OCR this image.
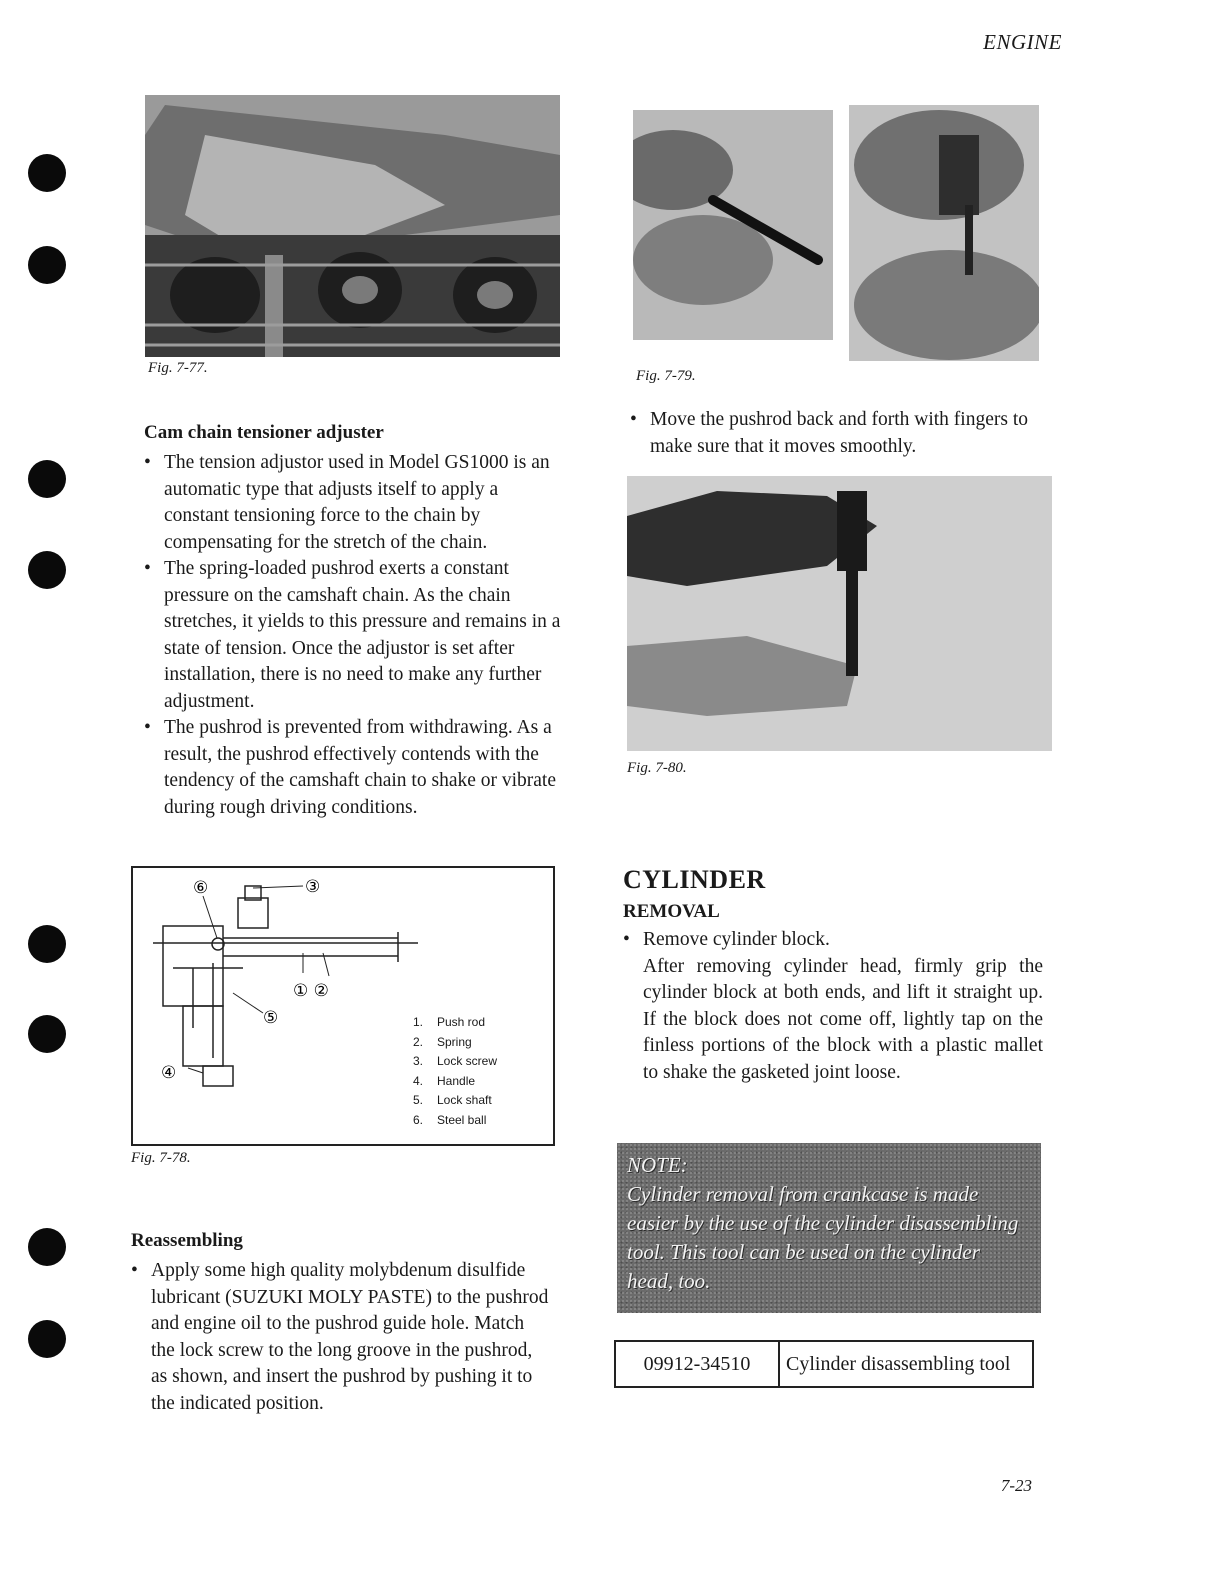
ENGINE
Fig. 7-77.
Cam chain tensioner adjuster
• The tension adjustor used in Model GS1000 is an automatic type that adjusts itself to apply a constant tensioning force to the chain by compensating for the stretch of the chain.
• The spring-loaded pushrod exerts a constant pressure on the camshaft chain. As the chain stretches, it yields to this pressure and remains in a state of tension. Once the adjustor is set after installation, there is no need to make any further adjustment.
• The pushrod is prevented from withdrawing. As a result, the pushrod effectively contends with the tendency of the camshaft chain to shake or vibrate during rough driving conditions.
⑥	③
① ②
⑤
④
1. Push rod
2. Spring
3. Lock screw
4. Handle
5. Lock shaft
6. Steel ball
Fig. 7-78.
Reassembling
• Apply some high quality molybdenum disulfide lubricant (SUZUKI MOLY PASTE) to the pushrod and engine oil to the pushrod guide hole. Match the lock screw to the long groove in the pushrod, as shown, and insert the pushrod by pushing it to the indicated position.
Fig. 7-79.
• Move the pushrod back and forth with fingers to make sure that it moves smoothly.
Fig. 7-80.
CYLINDER
REMOVAL
• Remove cylinder block.
After removing cylinder head, firmly grip the cylinder block at both ends, and lift it straight up. If the block does not come off, lightly tap on the finless portions of the block with a plastic mallet to shake the gasketed joint loose.
NOTE:
Cylinder removal from crankcase is made easier by the use of the cylinder disassembling tool. This tool can be used on the cylinder head, too.
09912-34510	Cylinder disassembling tool
7-23
